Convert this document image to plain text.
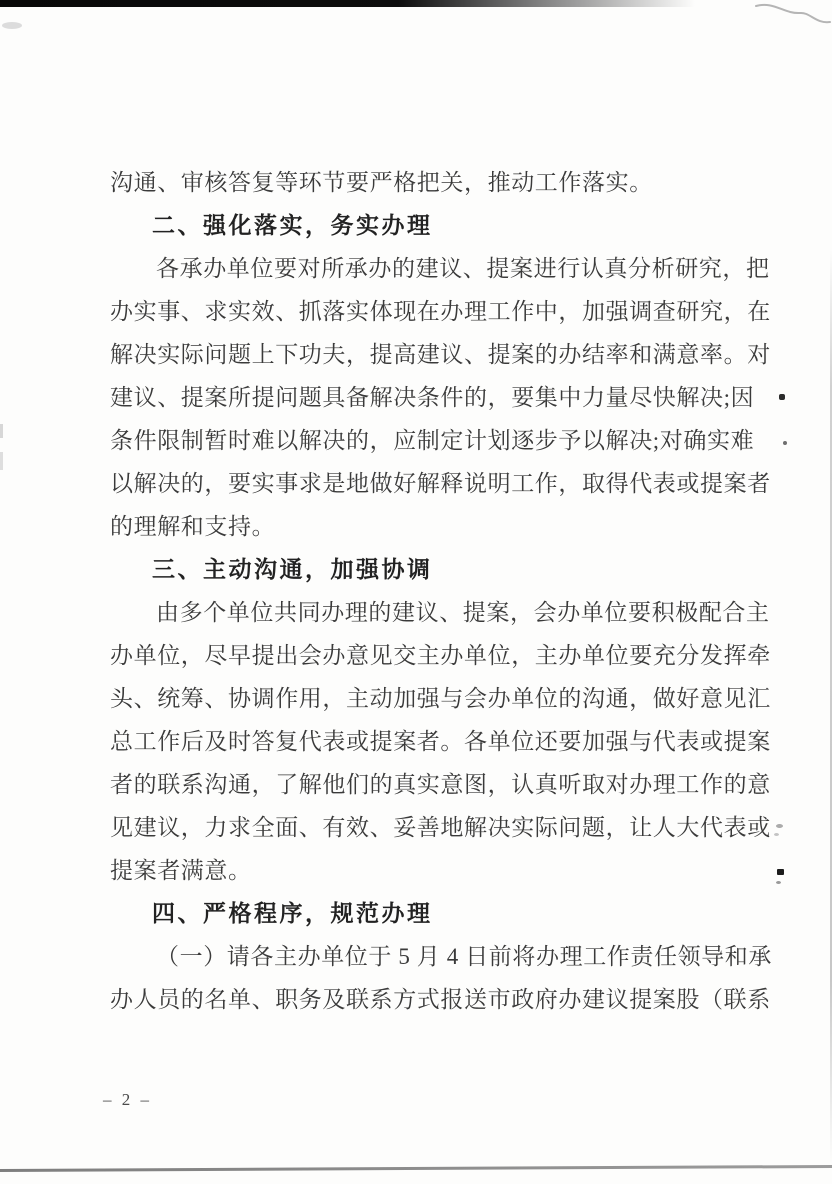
沟通、审核答复等环节要严格把关，推动工作落实。
二、强化落实，务实办理
各承办单位要对所承办的建议、提案进行认真分析研究，把
办实事、求实效、抓落实体现在办理工作中，加强调查研究，在
解决实际问题上下功夫，提高建议、提案的办结率和满意率。对
建议、提案所提问题具备解决条件的，要集中力量尽快解决;因
条件限制暂时难以解决的，应制定计划逐步予以解决;对确实难
以解决的，要实事求是地做好解释说明工作，取得代表或提案者
的理解和支持。
三、主动沟通，加强协调
由多个单位共同办理的建议、提案，会办单位要积极配合主
办单位，尽早提出会办意见交主办单位，主办单位要充分发挥牵
头、统筹、协调作用，主动加强与会办单位的沟通，做好意见汇
总工作后及时答复代表或提案者。各单位还要加强与代表或提案
者的联系沟通，了解他们的真实意图，认真听取对办理工作的意
见建议，力求全面、有效、妥善地解决实际问题，让人大代表或
提案者满意。
四、严格程序，规范办理
（一）请各主办单位于 5 月 4 日前将办理工作责任领导和承
办人员的名单、职务及联系方式报送市政府办建议提案股（联系
– 2 –
